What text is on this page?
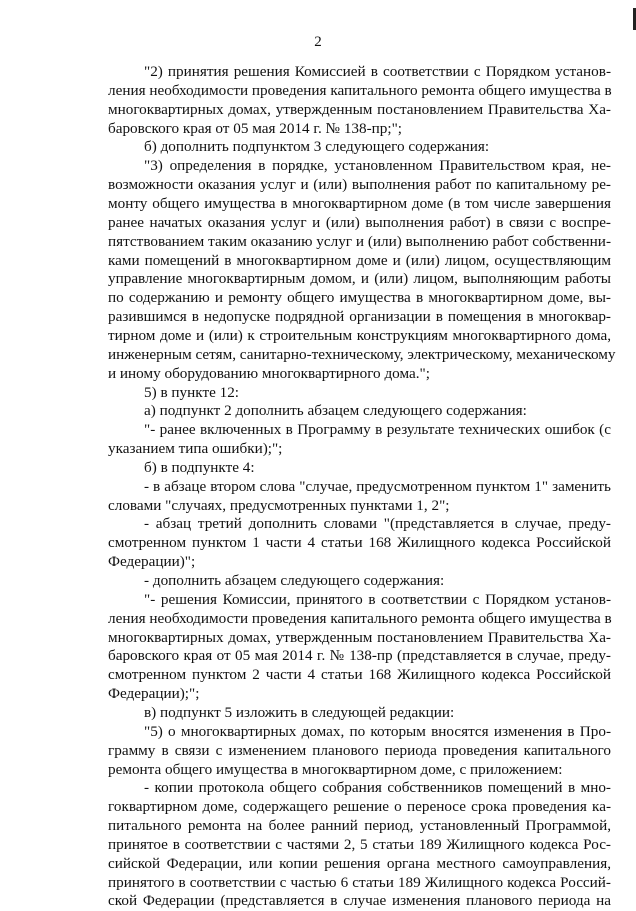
2
"2) принятия решения Комиссией в соответствии с Порядком установ-
ления необходимости проведения капитального ремонта общего имущества в
многоквартирных домах, утвержденным постановлением Правительства Ха-
баровского края от 05 мая 2014 г. № 138-пр;";
б) дополнить подпунктом 3 следующего содержания:
"3) определения в порядке, установленном Правительством края, не-
возможности оказания услуг и (или) выполнения работ по капитальному ре-
монту общего имущества в многоквартирном доме (в том числе завершения
ранее начатых оказания услуг и (или) выполнения работ) в связи с воспре-
пятствованием таким оказанию услуг и (или) выполнению работ собственни-
ками помещений в многоквартирном доме и (или) лицом, осуществляющим
управление многоквартирным домом, и (или) лицом, выполняющим работы
по содержанию и ремонту общего имущества в многоквартирном доме, вы-
разившимся в недопуске подрядной организации в помещения в многоквар-
тирном доме и (или) к строительным конструкциям многоквартирного дома,
инженерным сетям, санитарно-техническому, электрическому, механическому
и иному оборудованию многоквартирного дома.";
5) в пункте 12:
а) подпункт 2 дополнить абзацем следующего содержания:
"- ранее включенных в Программу в результате технических ошибок (с
указанием типа ошибки);";
б) в подпункте 4:
- в абзаце втором слова "случае, предусмотренном пунктом 1" заменить
словами "случаях, предусмотренных пунктами 1, 2";
- абзац третий дополнить словами "(представляется в случае, преду-
смотренном пунктом 1 части 4 статьи 168 Жилищного кодекса Российской
Федерации)";
- дополнить абзацем следующего содержания:
"- решения Комиссии, принятого в соответствии с Порядком установ-
ления необходимости проведения капитального ремонта общего имущества в
многоквартирных домах, утвержденным постановлением Правительства Ха-
баровского края от 05 мая 2014 г. № 138-пр (представляется в случае, преду-
смотренном пунктом 2 части 4 статьи 168 Жилищного кодекса Российской
Федерации);";
в) подпункт 5 изложить в следующей редакции:
"5) о многоквартирных домах, по которым вносятся изменения в Про-
грамму в связи с изменением планового периода проведения капитального
ремонта общего имущества в многоквартирном доме, с приложением:
- копии протокола общего собрания собственников помещений в мно-
гоквартирном доме, содержащего решение о переносе срока проведения ка-
питального ремонта на более ранний период, установленный Программой,
принятое в соответствии с частями 2, 5 статьи 189 Жилищного кодекса Рос-
сийской Федерации, или копии решения органа местного самоуправления,
принятого в соответствии с частью 6 статьи 189 Жилищного кодекса Россий-
ской Федерации (представляется в случае изменения планового периода на
